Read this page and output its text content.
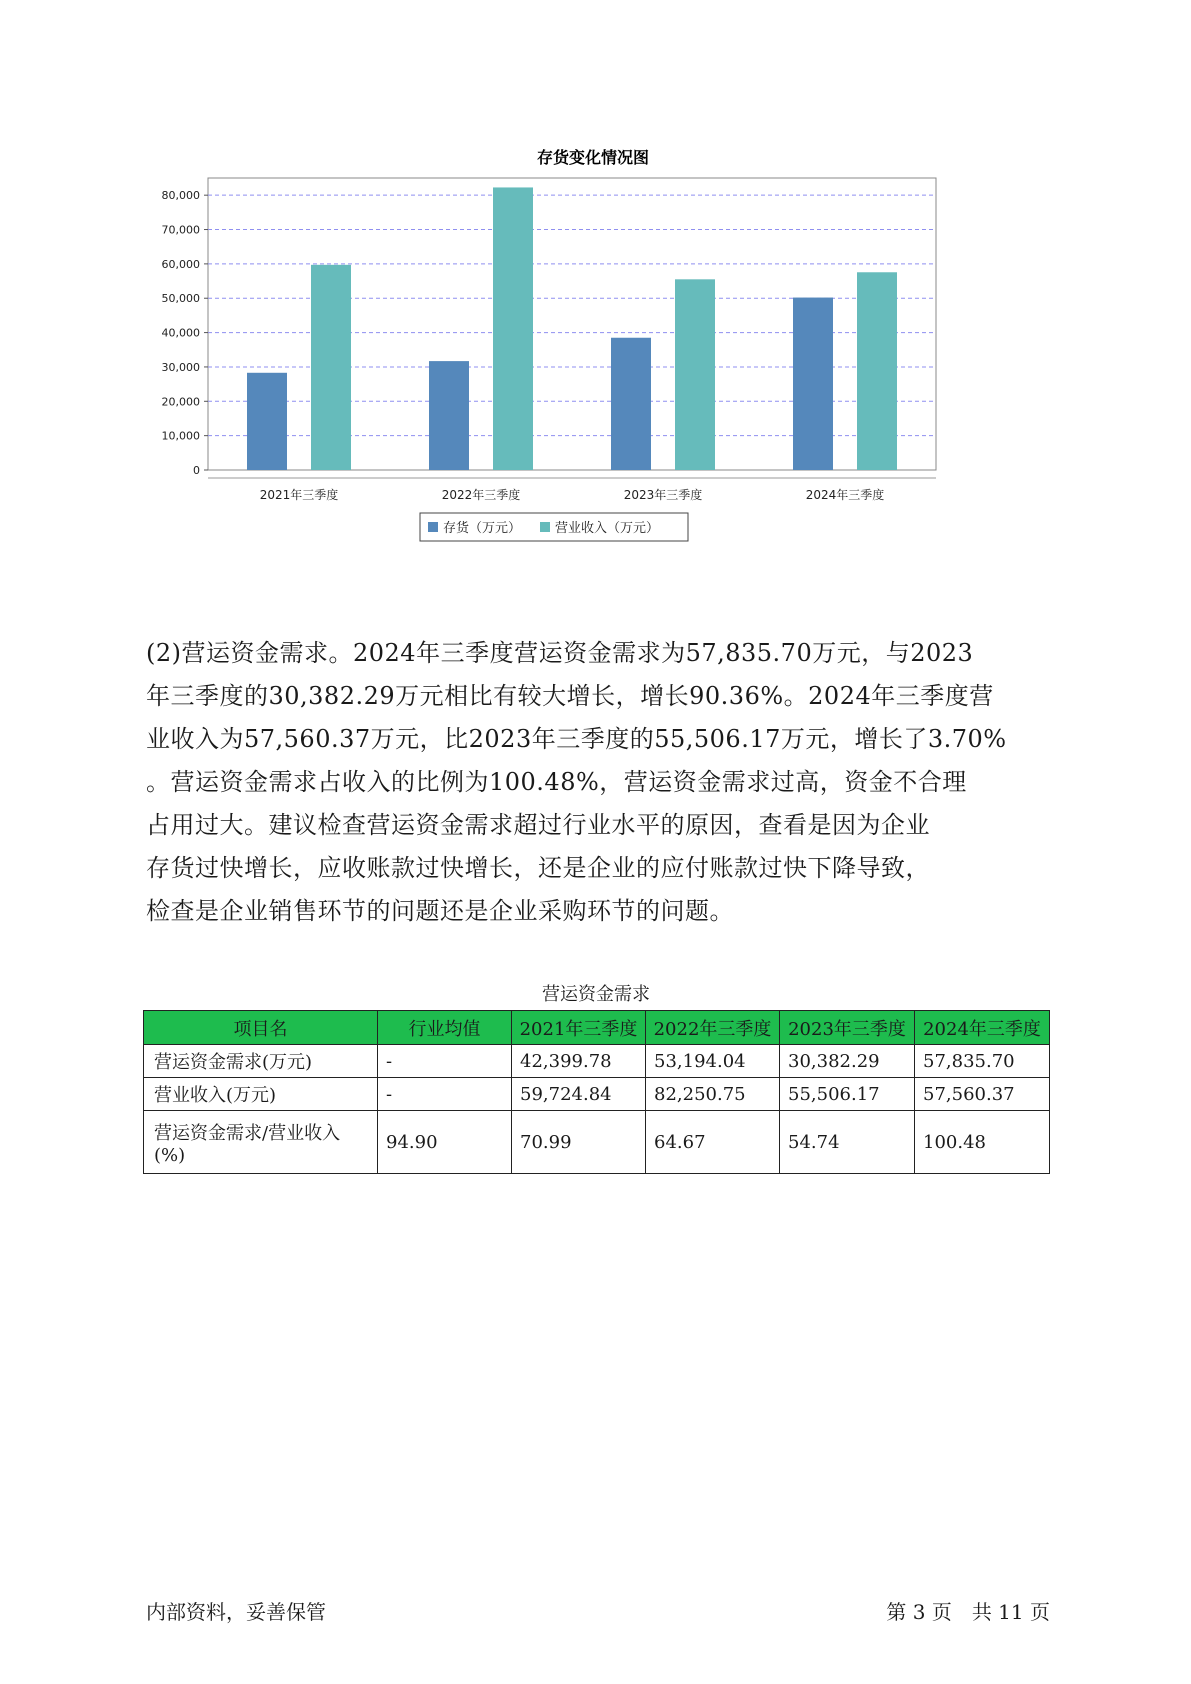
存货变化情况图
0
10,000
20,000
30,000
40,000
50,000
60,000
70,000
80,000
2021年三季度	2022年三季度	2023年三季度	2024年三季度
存货（万元）	营业收入（万元）
(2)营运资金需求。2024年三季度营运资金需求为57,835.70万元，与2023
年三季度的30,382.29万元相比有较大增长，增长90.36%。2024年三季度营
业收入为57,560.37万元，比2023年三季度的55,506.17万元，增长了3.70%
。营运资金需求占收入的比例为100.48%，营运资金需求过高，资金不合理
占用过大。建议检查营运资金需求超过行业水平的原因，查看是因为企业
存货过快增长，应收账款过快增长，还是企业的应付账款过快下降导致，
检查是企业销售环节的问题还是企业采购环节的问题。
营运资金需求
项目名	行业均值	2021年三季度	2022年三季度	2023年三季度	2024年三季度
营运资金需求(万元)	-	42,399.78	53,194.04	30,382.29	57,835.70
营业收入(万元)	-	59,724.84	82,250.75	55,506.17	57,560.37
营运资金需求/营业收入(%)	94.90	70.99	64.67	54.74	100.48
内部资料，妥善保管	第 3 页　共 11 页
